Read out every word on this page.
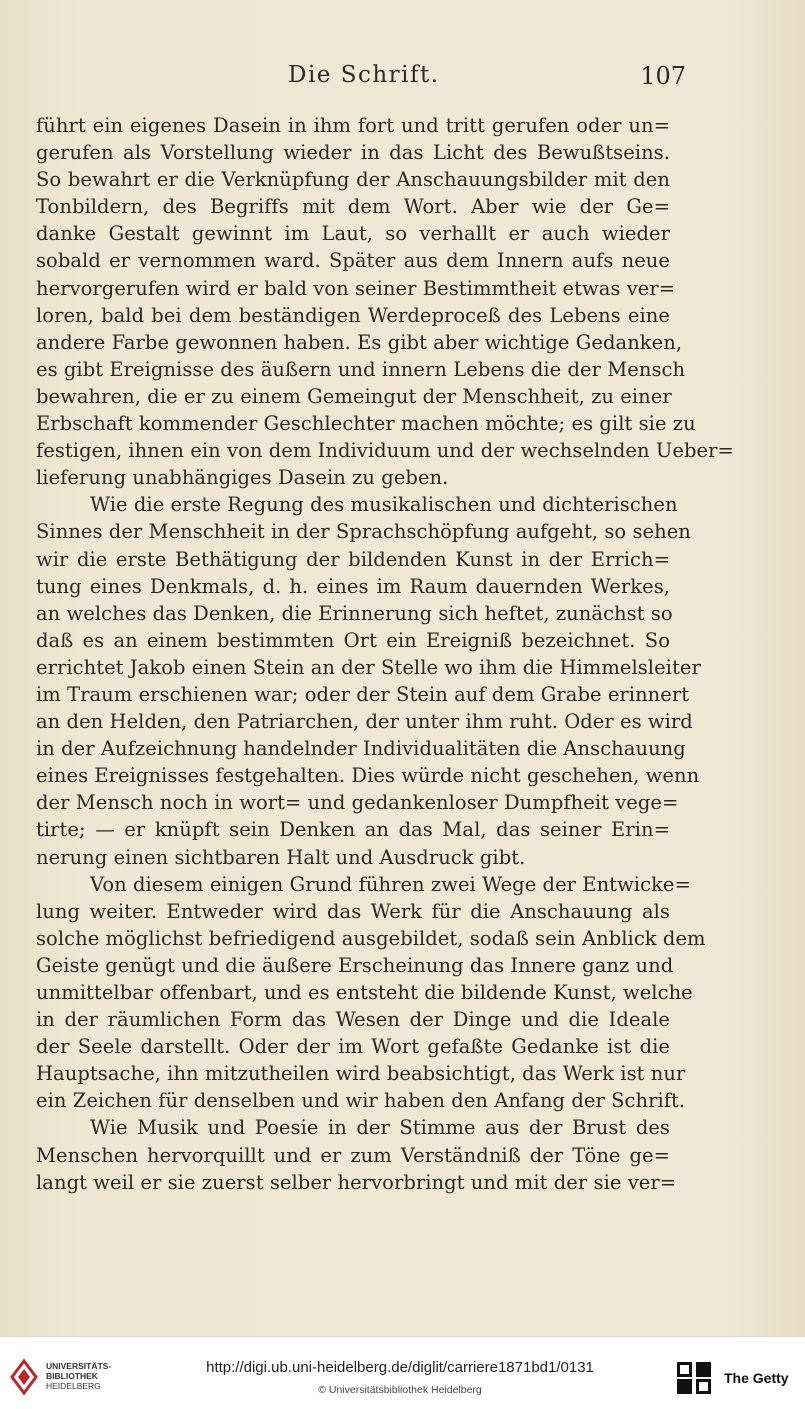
Die Schrift.	107
führt ein eigenes Dasein in ihm fort und tritt gerufen oder un=
gerufen als Vorstellung wieder in das Licht des Bewußtseins.
So bewahrt er die Verknüpfung der Anschauungsbilder mit den
Tonbildern, des Begriffs mit dem Wort. Aber wie der Ge=
danke Gestalt gewinnt im Laut, so verhallt er auch wieder
sobald er vernommen ward. Später aus dem Innern aufs neue
hervorgerufen wird er bald von seiner Bestimmtheit etwas ver=
loren, bald bei dem beständigen Werdeproceß des Lebens eine
andere Farbe gewonnen haben. Es gibt aber wichtige Gedanken,
es gibt Ereignisse des äußern und innern Lebens die der Mensch
bewahren, die er zu einem Gemeingut der Menschheit, zu einer
Erbschaft kommender Geschlechter machen möchte; es gilt sie zu
festigen, ihnen ein von dem Individuum und der wechselnden Ueber=
lieferung unabhängiges Dasein zu geben.
Wie die erste Regung des musikalischen und dichterischen
Sinnes der Menschheit in der Sprachschöpfung aufgeht, so sehen
wir die erste Bethätigung der bildenden Kunst in der Errich=
tung eines Denkmals, d. h. eines im Raum dauernden Werkes,
an welches das Denken, die Erinnerung sich heftet, zunächst so
daß es an einem bestimmten Ort ein Ereigniß bezeichnet. So
errichtet Jakob einen Stein an der Stelle wo ihm die Himmelsleiter
im Traum erschienen war; oder der Stein auf dem Grabe erinnert
an den Helden, den Patriarchen, der unter ihm ruht. Oder es wird
in der Aufzeichnung handelnder Individualitäten die Anschauung
eines Ereignisses festgehalten. Dies würde nicht geschehen, wenn
der Mensch noch in wort= und gedankenloser Dumpfheit vege=
tirte; — er knüpft sein Denken an das Mal, das seiner Erin=
nerung einen sichtbaren Halt und Ausdruck gibt.
Von diesem einigen Grund führen zwei Wege der Entwicke=
lung weiter. Entweder wird das Werk für die Anschauung als
solche möglichst befriedigend ausgebildet, sodaß sein Anblick dem
Geiste genügt und die äußere Erscheinung das Innere ganz und
unmittelbar offenbart, und es entsteht die bildende Kunst, welche
in der räumlichen Form das Wesen der Dinge und die Ideale
der Seele darstellt. Oder der im Wort gefaßte Gedanke ist die
Hauptsache, ihn mitzutheilen wird beabsichtigt, das Werk ist nur
ein Zeichen für denselben und wir haben den Anfang der Schrift.
Wie Musik und Poesie in der Stimme aus der Brust des
Menschen hervorquillt und er zum Verständniß der Töne ge=
langt weil er sie zuerst selber hervorbringt und mit der sie ver=
UNIVERSITÄTS-
BIBLIOTHEK
HEIDELBERG
http://digi.ub.uni-heidelberg.de/diglit/carriere1871bd1/0131
© Universitätsbibliothek Heidelberg
The Getty
